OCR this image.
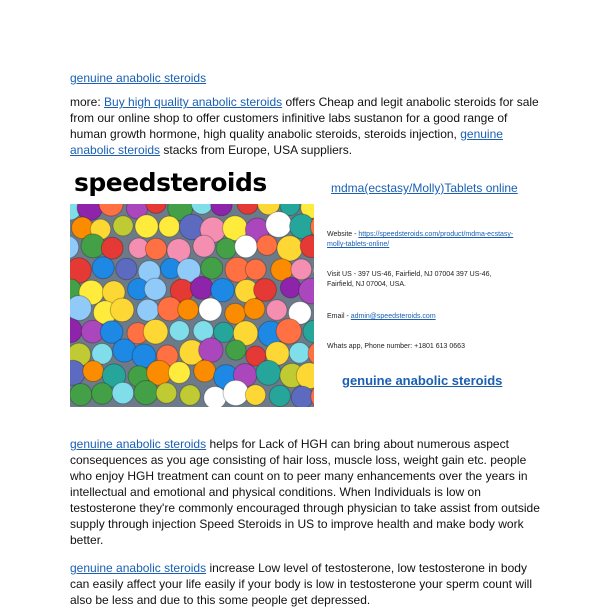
genuine anabolic steroids
more: Buy high quality anabolic steroids offers Cheap and legit anabolic steroids for sale from our online shop to offer customers infinitive labs sustanon for a good range of human growth hormone, high quality anabolic steroids, steroids injection, genuine anabolic steroids stacks from Europe, USA suppliers.
speedsteroids	mdma(ecstasy/Molly)Tablets online
Website - https://speedsteroids.com/product/mdma-ecstasy-molly-tablets-online/
Visit US - 397 US-46, Fairfield, NJ 07004 397 US-46, Fairfield, NJ 07004, USA.
Email - admin@speedsteroids.com
Whats app, Phone number: +1801 613 0663
genuine anabolic steroids
genuine anabolic steroids helps for Lack of HGH can bring about numerous aspect consequences as you age consisting of hair loss, muscle loss, weight gain etc. people who enjoy HGH treatment can count on to peer many enhancements over the years in intellectual and emotional and physical conditions. When Individuals is low on testosterone they're commonly encouraged through physician to take assist from outside supply through injection Speed Steroids in US to improve health and make body work better.
genuine anabolic steroids increase Low level of testosterone, low testosterone in body can easily affect your life easily if your body is low in testosterone your sperm count will also be less and due to this some people get depressed.
